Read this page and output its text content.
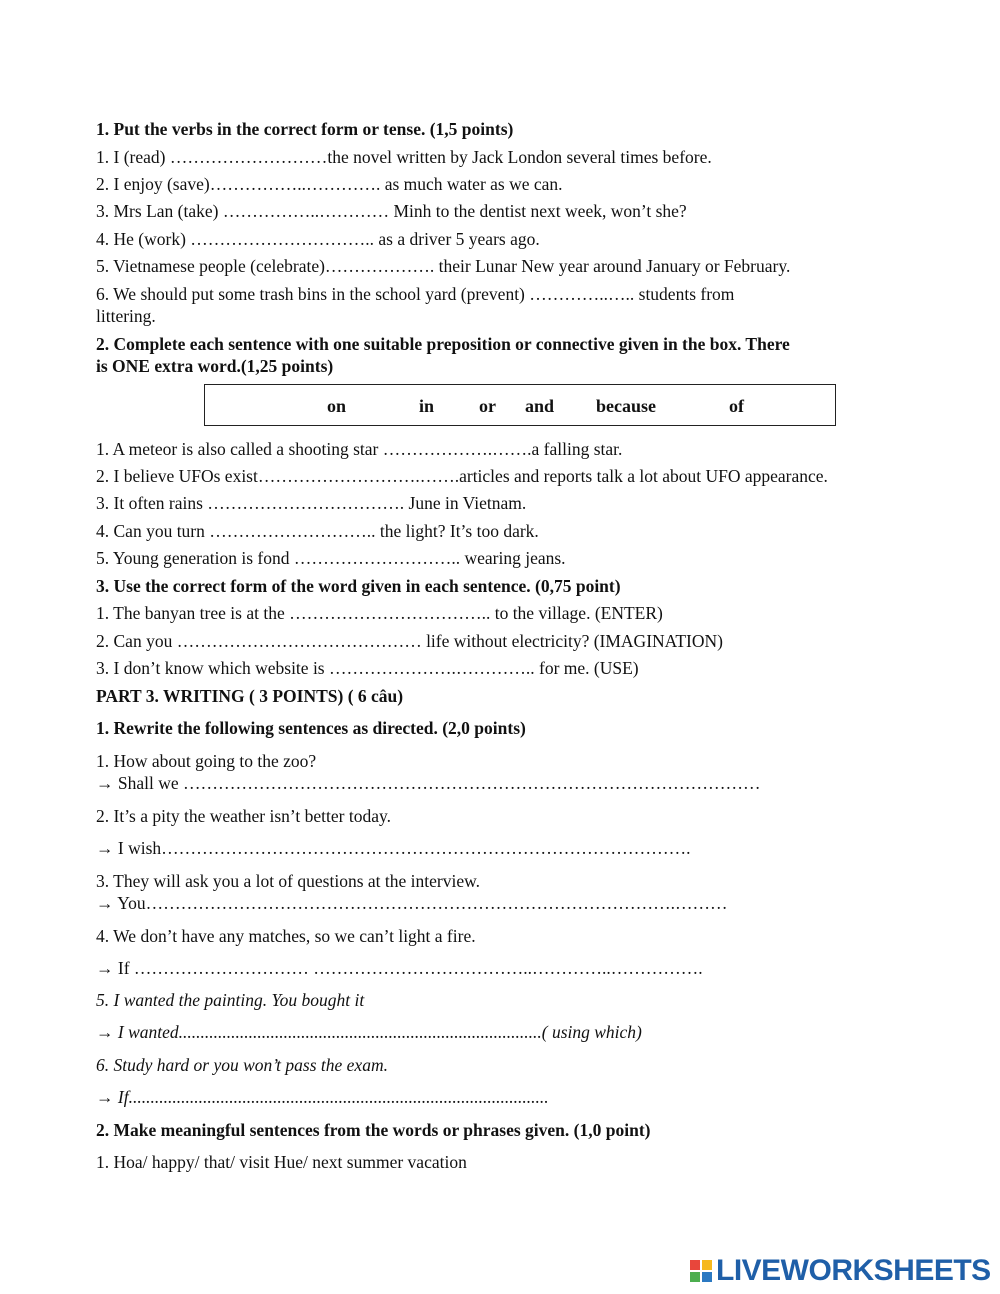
1. Put the verbs in the correct form or tense. (1,5 points)
1. I (read) ………………………the novel written by Jack London several times before.
2. I enjoy (save)……………..…………. as much water as we can.
3. Mrs Lan (take) ……………..………… Minh to the dentist next week, won’t she?
4. He (work) ………………………….. as a driver 5 years ago.
5. Vietnamese people (celebrate)………………. their Lunar New year around January or February.
6. We should put some trash bins in the school yard (prevent) …………..….. students from
littering.
2. Complete each sentence with one suitable preposition or connective given in the box. There
is ONE extra word.(1,25 points)
on	in or and because	of
1. A meteor is also called a shooting star ……………….…….a falling star.
2. I believe UFOs exist……………………….…….articles and reports talk a lot about UFO appearance.
3. It often rains ……………………………. June in Vietnam.
4. Can you turn ……………………….. the light? It’s too dark.
5. Young generation is fond ……………………….. wearing jeans.
3. Use the correct form of the word given in each sentence. (0,75 point)
1. The banyan tree is at the …………………………….. to the village. (ENTER)
2. Can you …………………………………… life without electricity? (IMAGINATION)
3. I don’t know which website is ………………….………….. for me. (USE)
PART 3. WRITING ( 3 POINTS) ( 6 câu)
1. Rewrite the following sentences as directed. (2,0 points)
1. How about going to the zoo?
→ Shall we ………………………………………………………………………………………
2. It’s a pity the weather isn’t better today.
→ I wish……………………………………………………………………………….
3. They will ask you a lot of questions at the interview.
→ You……………………………………………………………………………….………
4. We don’t have any matches, so we can’t light a fire.
→ If ………………………… ………………………………..…………..…………….
5. I wanted the painting. You bought it
→ I wanted...................................................................................( using which)
6. Study hard or you won’t pass the exam.
→ If................................................................................................
2. Make meaningful sentences from the words or phrases given. (1,0 point)
1. Hoa/ happy/ that/ visit Hue/ next summer vacation
LIVEWORKSHEETS
